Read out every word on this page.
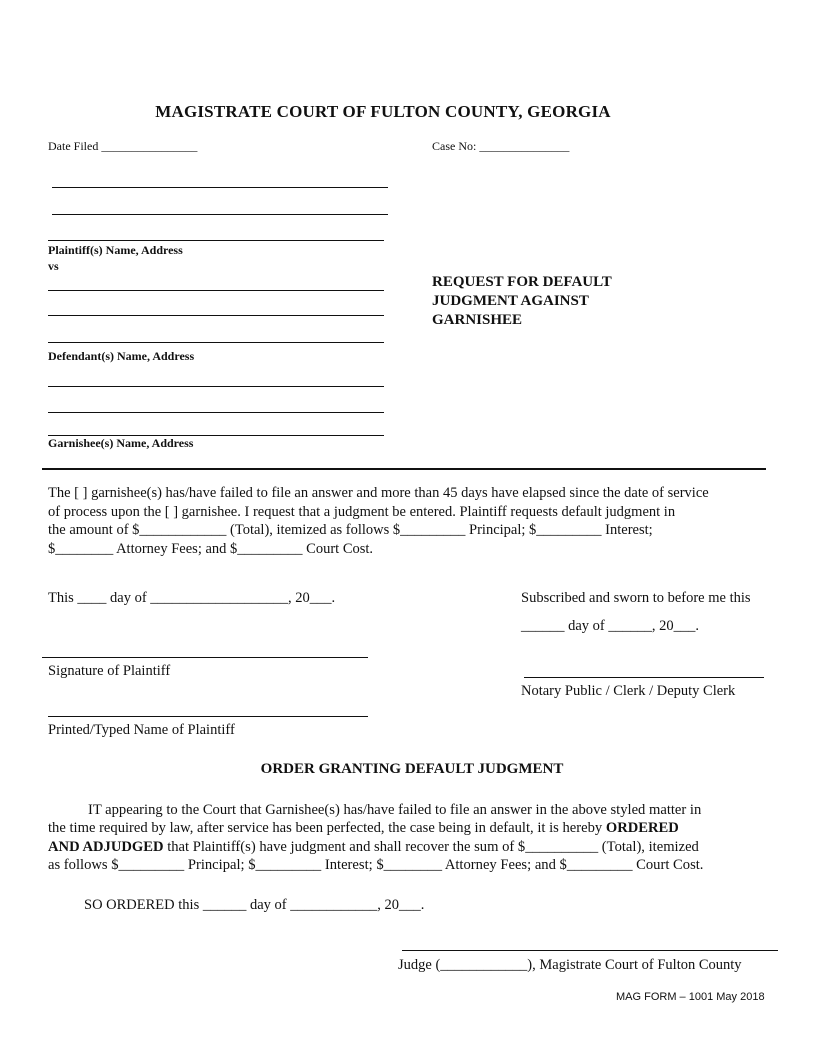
MAGISTRATE COURT OF FULTON COUNTY, GEORGIA
Date Filed ________________	Case No: _______________
Plaintiff(s) Name, Address
vs
Defendant(s) Name, Address
Garnishee(s) Name, Address
REQUEST FOR DEFAULT
JUDGMENT AGAINST
GARNISHEE
The [ ] garnishee(s) has/have failed to file an answer and more than 45 days have elapsed since the date of service
of process upon the [ ] garnishee. I request that a judgment be entered. Plaintiff requests default judgment in
the amount of $____________ (Total), itemized as follows $_________ Principal; $_________ Interest;
$________ Attorney Fees; and $_________ Court Cost.
This ____ day of ___________________, 20___.	Subscribed and sworn to before me this
______ day of ______, 20___.
Signature of Plaintiff
Notary Public / Clerk / Deputy Clerk
Printed/Typed Name of Plaintiff
ORDER GRANTING DEFAULT JUDGMENT
IT appearing to the Court that Garnishee(s) has/have failed to file an answer in the above styled matter in
the time required by law, after service has been perfected, the case being in default, it is hereby ORDERED
AND ADJUDGED that Plaintiff(s) have judgment and shall recover the sum of $__________ (Total), itemized
as follows $_________ Principal; $_________ Interest; $________ Attorney Fees; and $_________ Court Cost.
SO ORDERED this ______ day of ____________, 20___.
Judge (____________), Magistrate Court of Fulton County
MAG FORM – 1001 May 2018
